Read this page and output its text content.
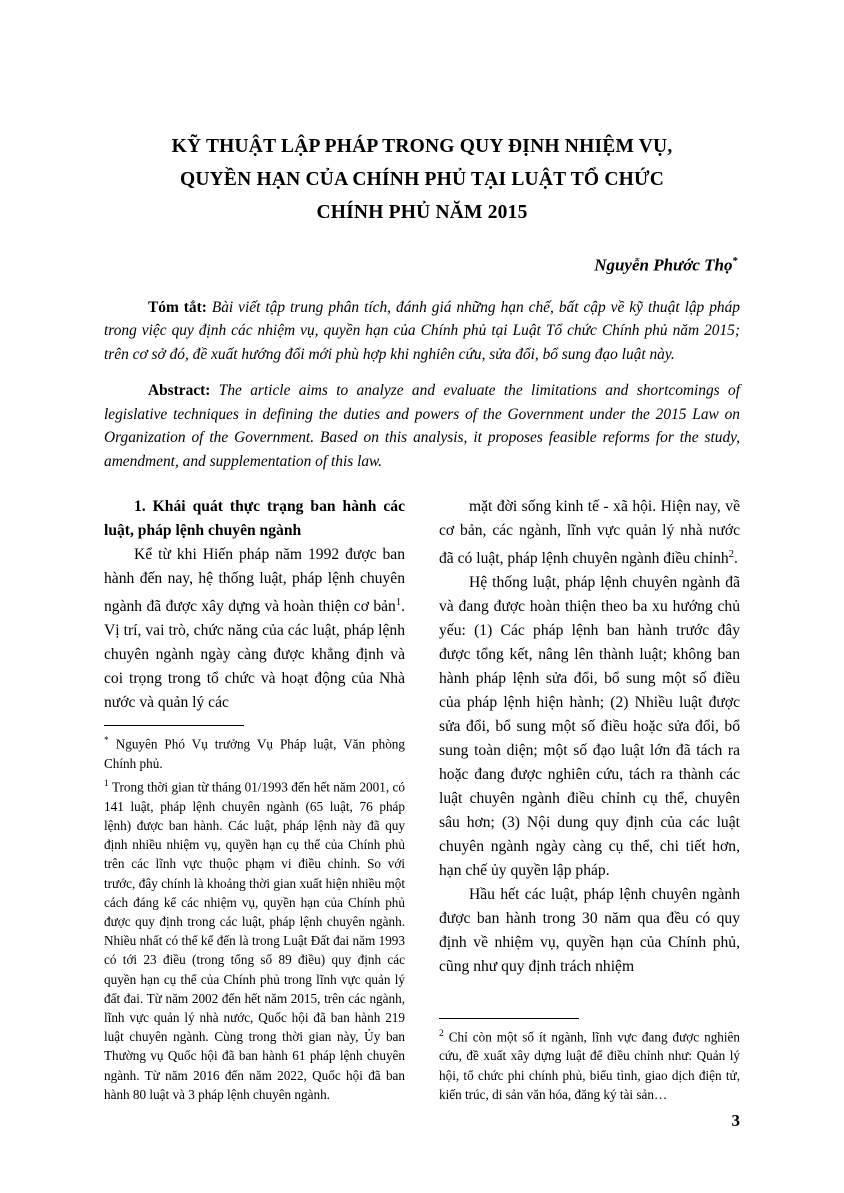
KỸ THUẬT LẬP PHÁP TRONG QUY ĐỊNH NHIỆM VỤ,
QUYỀN HẠN CỦA CHÍNH PHỦ TẠI LUẬT TỔ CHỨC
CHÍNH PHỦ NĂM 2015
Nguyễn Phước Thọ*
Tóm tắt: Bài viết tập trung phân tích, đánh giá những hạn chế, bất cập về kỹ thuật lập pháp trong việc quy định các nhiệm vụ, quyền hạn của Chính phủ tại Luật Tổ chức Chính phủ năm 2015; trên cơ sở đó, đề xuất hướng đổi mới phù hợp khi nghiên cứu, sửa đổi, bổ sung đạo luật này.
Abstract: The article aims to analyze and evaluate the limitations and shortcomings of legislative techniques in defining the duties and powers of the Government under the 2015 Law on Organization of the Government. Based on this analysis, it proposes feasible reforms for the study, amendment, and supplementation of this law.
1. Khái quát thực trạng ban hành các luật, pháp lệnh chuyên ngành

Kể từ khi Hiến pháp năm 1992 được ban hành đến nay, hệ thống luật, pháp lệnh chuyên ngành đã được xây dựng và hoàn thiện cơ bản$^1$. Vị trí, vai trò, chức năng của các luật, pháp lệnh chuyên ngành ngày càng được khẳng định và coi trọng trong tổ chức và hoạt động của Nhà nước và quản lý các

* Nguyên Phó Vụ trưởng Vụ Pháp luật, Văn phòng Chính phủ.

$^1$ Trong thời gian từ tháng 01/1993 đến hết năm 2001, có 141 luật, pháp lệnh chuyên ngành (65 luật, 76 pháp lệnh) được ban hành. Các luật, pháp lệnh này đã quy định nhiều nhiệm vụ, quyền hạn cụ thể của Chính phủ trên các lĩnh vực thuộc phạm vi điều chỉnh. So với trước, đây chính là khoảng thời gian xuất hiện nhiều một cách đáng kể các nhiệm vụ, quyền hạn của Chính phủ được quy định trong các luật, pháp lệnh chuyên ngành. Nhiều nhất có thể kể đến là trong Luật Đất đai năm 1993 có tới 23 điều (trong tổng số 89 điều) quy định các quyền hạn cụ thể của Chính phủ trong lĩnh vực quản lý đất đai. Từ năm 2002 đến hết năm 2015, trên các ngành, lĩnh vực quản lý nhà nước, Quốc hội đã ban hành 219 luật chuyên ngành. Cùng trong thời gian này, Ủy ban Thường vụ Quốc hội đã ban hành 61 pháp lệnh chuyên ngành. Từ năm 2016 đến năm 2022, Quốc hội đã ban hành 80 luật và 3 pháp lệnh chuyên ngành.

mặt đời sống kinh tế - xã hội. Hiện nay, về cơ bản, các ngành, lĩnh vực quản lý nhà nước đã có luật, pháp lệnh chuyên ngành điều chỉnh$^2$.

Hệ thống luật, pháp lệnh chuyên ngành đã và đang được hoàn thiện theo ba xu hướng chủ yếu: (1) Các pháp lệnh ban hành trước đây được tổng kết, nâng lên thành luật; không ban hành pháp lệnh sửa đổi, bổ sung một số điều của pháp lệnh hiện hành; (2) Nhiều luật được sửa đổi, bổ sung một số điều hoặc sửa đổi, bổ sung toàn diện; một số đạo luật lớn đã tách ra hoặc đang được nghiên cứu, tách ra thành các luật chuyên ngành điều chỉnh cụ thể, chuyên sâu hơn; (3) Nội dung quy định của các luật chuyên ngành ngày càng cụ thể, chi tiết hơn, hạn chế ủy quyền lập pháp.

Hầu hết các luật, pháp lệnh chuyên ngành được ban hành trong 30 năm qua đều có quy định về nhiệm vụ, quyền hạn của Chính phủ, cũng như quy định trách nhiệm

$^2$ Chỉ còn một số ít ngành, lĩnh vực đang được nghiên cứu, đề xuất xây dựng luật để điều chỉnh như: Quản lý hội, tổ chức phi chính phủ, biểu tình, giao dịch điện tử, kiến trúc, di sản văn hóa, đăng ký tài sản…

3
